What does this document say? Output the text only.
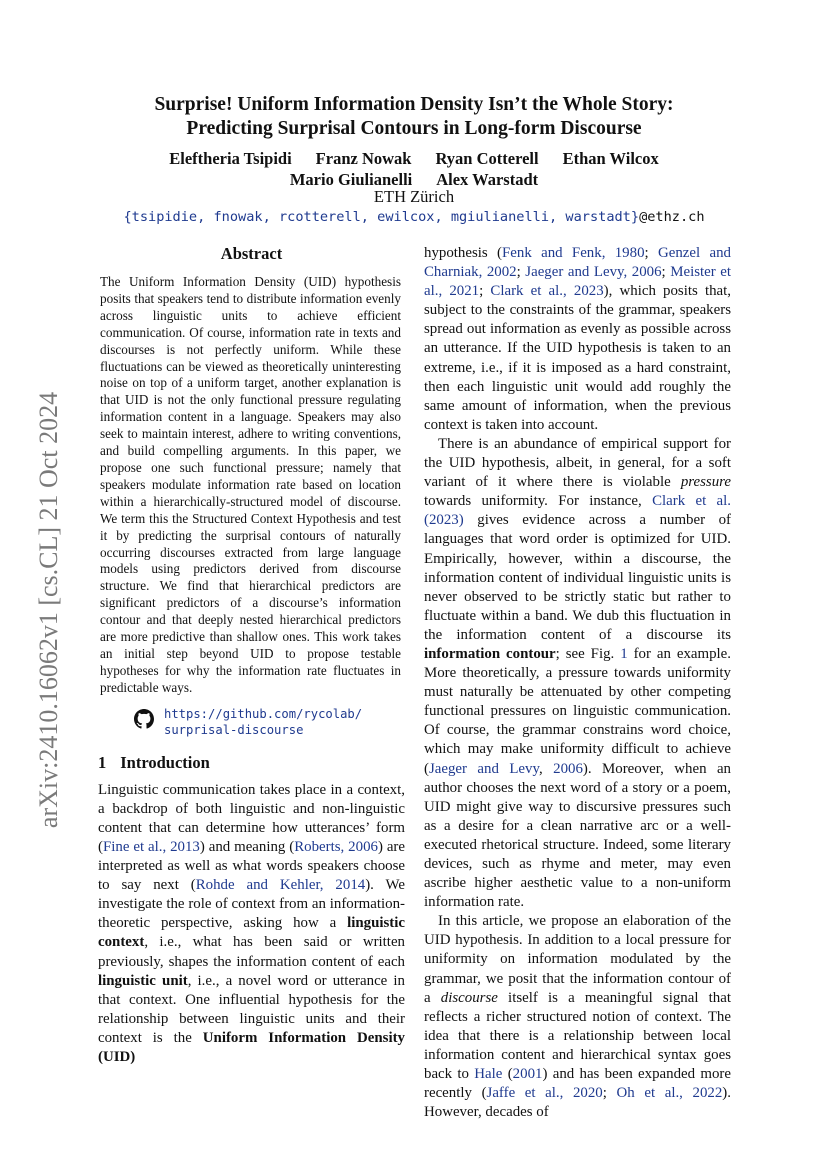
Surprise! Uniform Information Density Isn’t the Whole Story:
Predicting Surprisal Contours in Long-form Discourse
Eleftheria Tsipidi Franz Nowak Ryan Cotterell Ethan Wilcox
Mario Giulianelli Alex Warstadt
ETH Zürich
{tsipidie, fnowak, rcotterell, ewilcox, mgiulianelli, warstadt}@ethz.ch
arXiv:2410.16062v1 [cs.CL] 21 Oct 2024
Abstract

The Uniform Information Density (UID) hypothesis posits that speakers tend to distribute information evenly across linguistic units to achieve efficient communication. Of course, information rate in texts and discourses is not perfectly uniform. While these fluctuations can be viewed as theoretically uninteresting noise on top of a uniform target, another explanation is that UID is not the only functional pressure regulating information content in a language. Speakers may also seek to maintain interest, adhere to writing conventions, and build compelling arguments. In this paper, we propose one such functional pressure; namely that speakers modulate information rate based on location within a hierarchically-structured model of discourse. We term this the Structured Context Hypothesis and test it by predicting the surprisal contours of naturally occurring discourses extracted from large language models using predictors derived from discourse structure. We find that hierarchical predictors are significant predictors of a discourse’s information contour and that deeply nested hierarchical predictors are more predictive than shallow ones. This work takes an initial step beyond UID to propose testable hypotheses for why the information rate fluctuates in predictable ways.

https://github.com/rycolab/
surprisal-discourse
1 Introduction

Linguistic communication takes place in a context, a backdrop of both linguistic and non-linguistic content that can determine how utterances’ form (Fine et al., 2013) and meaning (Roberts, 2006) are interpreted as well as what words speakers choose to say next (Rohde and Kehler, 2014). We investigate the role of context from an information-theoretic perspective, asking how a linguistic context, i.e., what has been said or written previously, shapes the information content of each linguistic unit, i.e., a novel word or utterance in that context. One influential hypothesis for the relationship between linguistic units and their context is the Uniform Information Density (UID)

hypothesis (Fenk and Fenk, 1980; Genzel and Charniak, 2002; Jaeger and Levy, 2006; Meister et al., 2021; Clark et al., 2023), which posits that, subject to the constraints of the grammar, speakers spread out information as evenly as possible across an utterance. If the UID hypothesis is taken to an extreme, i.e., if it is imposed as a hard constraint, then each linguistic unit would add roughly the same amount of information, when the previous context is taken into account.

There is an abundance of empirical support for the UID hypothesis, albeit, in general, for a soft variant of it where there is violable pressure towards uniformity. For instance, Clark et al. (2023) gives evidence across a number of languages that word order is optimized for UID. Empirically, however, within a discourse, the information content of individual linguistic units is never observed to be strictly static but rather to fluctuate within a band. We dub this fluctuation in the information content of a discourse its information contour; see Fig. 1 for an example. More theoretically, a pressure towards uniformity must naturally be attenuated by other competing functional pressures on linguistic communication. Of course, the grammar constrains word choice, which may make uniformity difficult to achieve (Jaeger and Levy, 2006). Moreover, when an author chooses the next word of a story or a poem, UID might give way to discursive pressures such as a desire for a clean narrative arc or a well-executed rhetorical structure. Indeed, some literary devices, such as rhyme and meter, may even ascribe higher aesthetic value to a non-uniform information rate.

In this article, we propose an elaboration of the UID hypothesis. In addition to a local pressure for uniformity on information modulated by the grammar, we posit that the information contour of a discourse itself is a meaningful signal that reflects a richer structured notion of context. The idea that there is a relationship between local information content and hierarchical syntax goes back to Hale (2001) and has been expanded more recently (Jaffe et al., 2020; Oh et al., 2022). However, decades of
